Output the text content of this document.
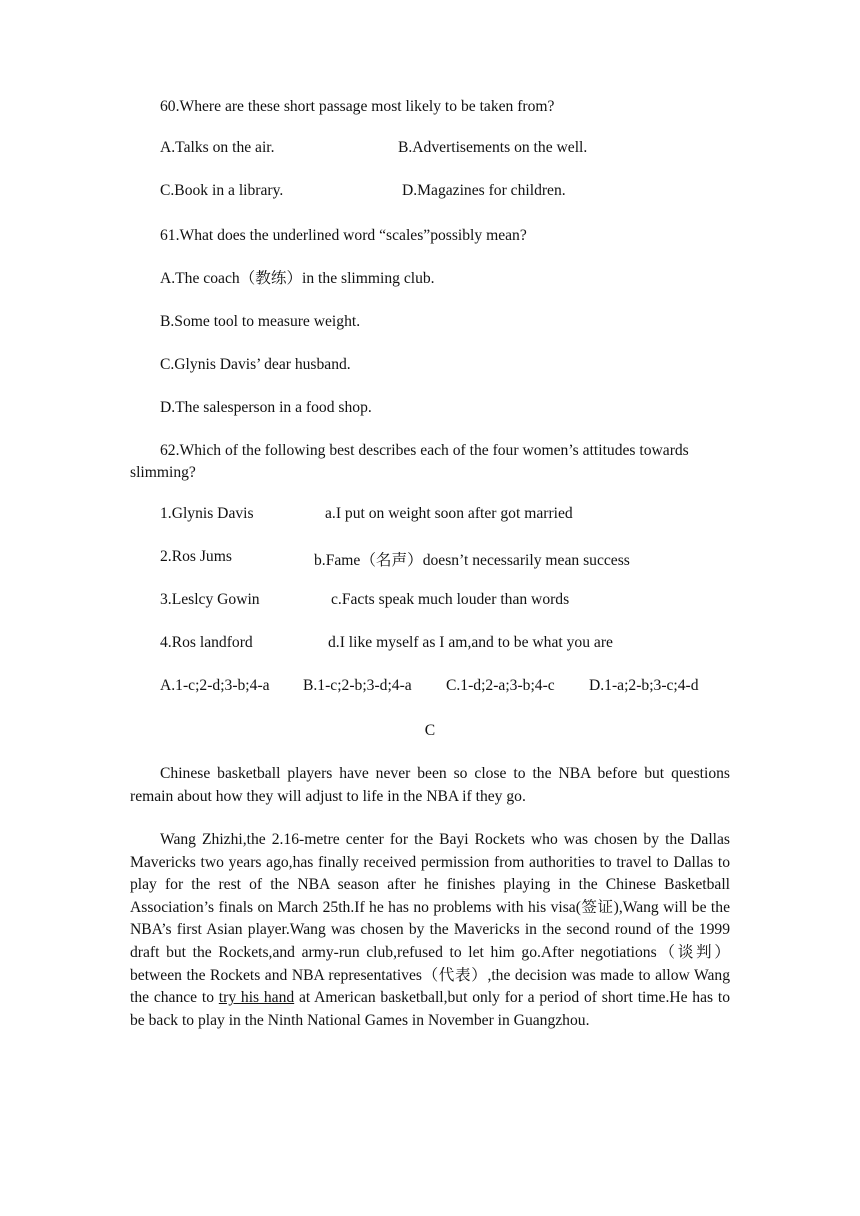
60.Where are these short passage most likely to be taken from?

A.Talks on the air.	B.Advertisements on the well.
C.Book in a library.	D.Magazines for children.

61.What does the underlined word “scales”possibly mean?

A.The coach（教练）in the slimming club.

B.Some tool to measure weight.

C.Glynis Davis’ dear husband.

D.The salesperson in a food shop.

62.Which of the following best describes each of the four women’s attitudes towards slimming?

1.Glynis Davis	a.I put on weight soon after got married
2.Ros Jums	b.Fame（名声）doesn’t necessarily mean success
3.Leslcy Gowin	c.Facts speak much louder than words
4.Ros landford	d.I like myself as I am,and to be what you are
A.1-c;2-d;3-b;4-a B.1-c;2-b;3-d;4-a C.1-d;2-a;3-b;4-c D.1-a;2-b;3-c;4-d

C

Chinese basketball players have never been so close to the NBA before but questions remain about how they will adjust to life in the NBA if they go.

Wang Zhizhi,the 2.16-metre center for the Bayi Rockets who was chosen by the Dallas Mavericks two years ago,has finally received permission from authorities to travel to Dallas to play for the rest of the NBA season after he finishes playing in the Chinese Basketball Association’s finals on March 25th.If he has no problems with his visa(签证),Wang will be the NBA’s first Asian player.Wang was chosen by the Mavericks in the second round of the 1999 draft but the Rockets,and army-run club,refused to let him go.After negotiations（谈判）between the Rockets and NBA representatives（代表）,the decision was made to allow Wang the chance to try his hand at American basketball,but only for a period of short time.He has to be back to play in the Ninth National Games in November in Guangzhou.
